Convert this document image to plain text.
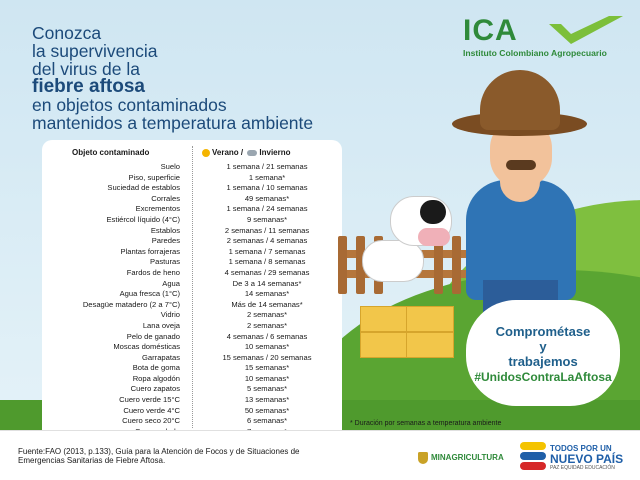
Conozca
la supervivencia
del virus de la
fiebre aftosa
en objetos contaminados
mantenidos a temperatura ambiente
ICA
Instituto Colombiano Agropecuario
Objeto contaminado	Verano / Invierno
Suelo	1 semana / 21 semanas
Piso, superficie	1 semana*
Suciedad de establos	1 semana / 10 semanas
Corrales	49 semanas*
Excrementos	1 semana / 24 semanas
Estiércol líquido (4°C)	9 semanas*
Establos	2 semanas / 11 semanas
Paredes	2 semanas / 4 semanas
Plantas forrajeras	1 semana / 7 semanas
Pasturas	1 semana / 8 semanas
Fardos de heno	4 semanas / 29 semanas
Agua	De 3 a 14 semanas*
Agua fresca (1°C)	14 semanas*
Desagüe matadero (2 a 7°C)	Más de 14 semanas*
Vidrio	2 semanas*
Lana oveja	2 semanas*
Pelo de ganado	4 semanas / 6 semanas
Moscas domésticas	10 semanas*
Garrapatas	15 semanas / 20 semanas
Bota de goma	15 semanas*
Ropa algodón	10 semanas*
Cuero zapatos	5 semanas*
Cuero verde 15°C	13 semanas*
Cuero verde 4°C	50 semanas*
Cuero seco 20°C	6 semanas*	* Duración por semanas a temperatura ambiente
Comprométase
y
trabajemos
#UnidosContraLaAftosa
Fuente:FAO (2013, p.133), Guía para la Atención de Focos y de Situaciones de Emergencias Sanitarias de Fiebre Aftosa.	MINAGRICULTURA
TODOS POR UN
NUEVO PAÍS
PAZ EQUIDAD EDUCACIÓN
